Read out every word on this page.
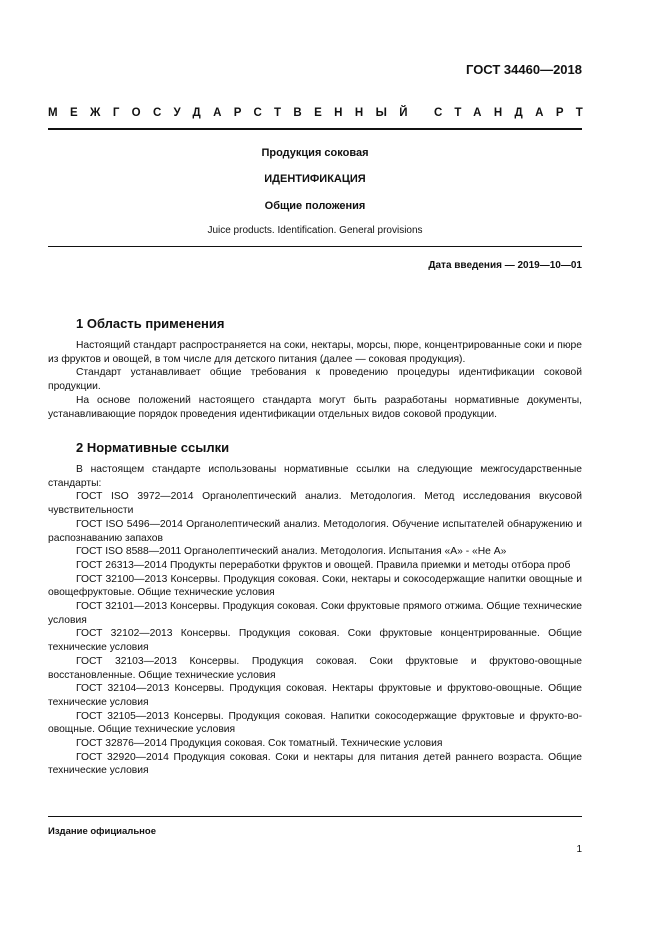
ГОСТ 34460—2018
МЕЖГОСУДАРСТВЕННЫЙ СТАНДАРТ
Продукция соковая
ИДЕНТИФИКАЦИЯ
Общие положения
Juice products. Identification. General provisions
Дата введения — 2019—10—01
1 Область применения

Настоящий стандарт распространяется на соки, нектары, морсы, пюре, концентрированные соки и пюре из фруктов и овощей, в том числе для детского питания (далее — соковая продукция).

Стандарт устанавливает общие требования к проведению процедуры идентификации соковой продукции.

На основе положений настоящего стандарта могут быть разработаны нормативные документы, устанавливающие порядок проведения идентификации отдельных видов соковой продукции.

2 Нормативные ссылки

В настоящем стандарте использованы нормативные ссылки на следующие межгосударственные стандарты:

ГОСТ ISO 3972—2014 Органолептический анализ. Методология. Метод исследования вкусовой чувствительности

ГОСТ ISO 5496—2014 Органолептический анализ. Методология. Обучение испытателей обнаружению и распознаванию запахов

ГОСТ ISO 8588—2011 Органолептический анализ. Методология. Испытания «А» - «Не А»

ГОСТ 26313—2014 Продукты переработки фруктов и овощей. Правила приемки и методы отбора проб

ГОСТ 32100—2013 Консервы. Продукция соковая. Соки, нектары и сокосодержащие напитки овощные и овощефруктовые. Общие технические условия

ГОСТ 32101—2013 Консервы. Продукция соковая. Соки фруктовые прямого отжима. Общие технические условия

ГОСТ 32102—2013 Консервы. Продукция соковая. Соки фруктовые концентрированные. Общие технические условия

ГОСТ 32103—2013 Консервы. Продукция соковая. Соки фруктовые и фруктово-овощные восстановленные. Общие технические условия

ГОСТ 32104—2013 Консервы. Продукция соковая. Нектары фруктовые и фруктово-овощные. Общие технические условия

ГОСТ 32105—2013 Консервы. Продукция соковая. Напитки сокосодержащие фруктовые и фрукто-во-овощные. Общие технические условия

ГОСТ 32876—2014 Продукция соковая. Сок томатный. Технические условия

ГОСТ 32920—2014 Продукция соковая. Соки и нектары для питания детей раннего возраста. Общие технические условия

Издание официальное
1
